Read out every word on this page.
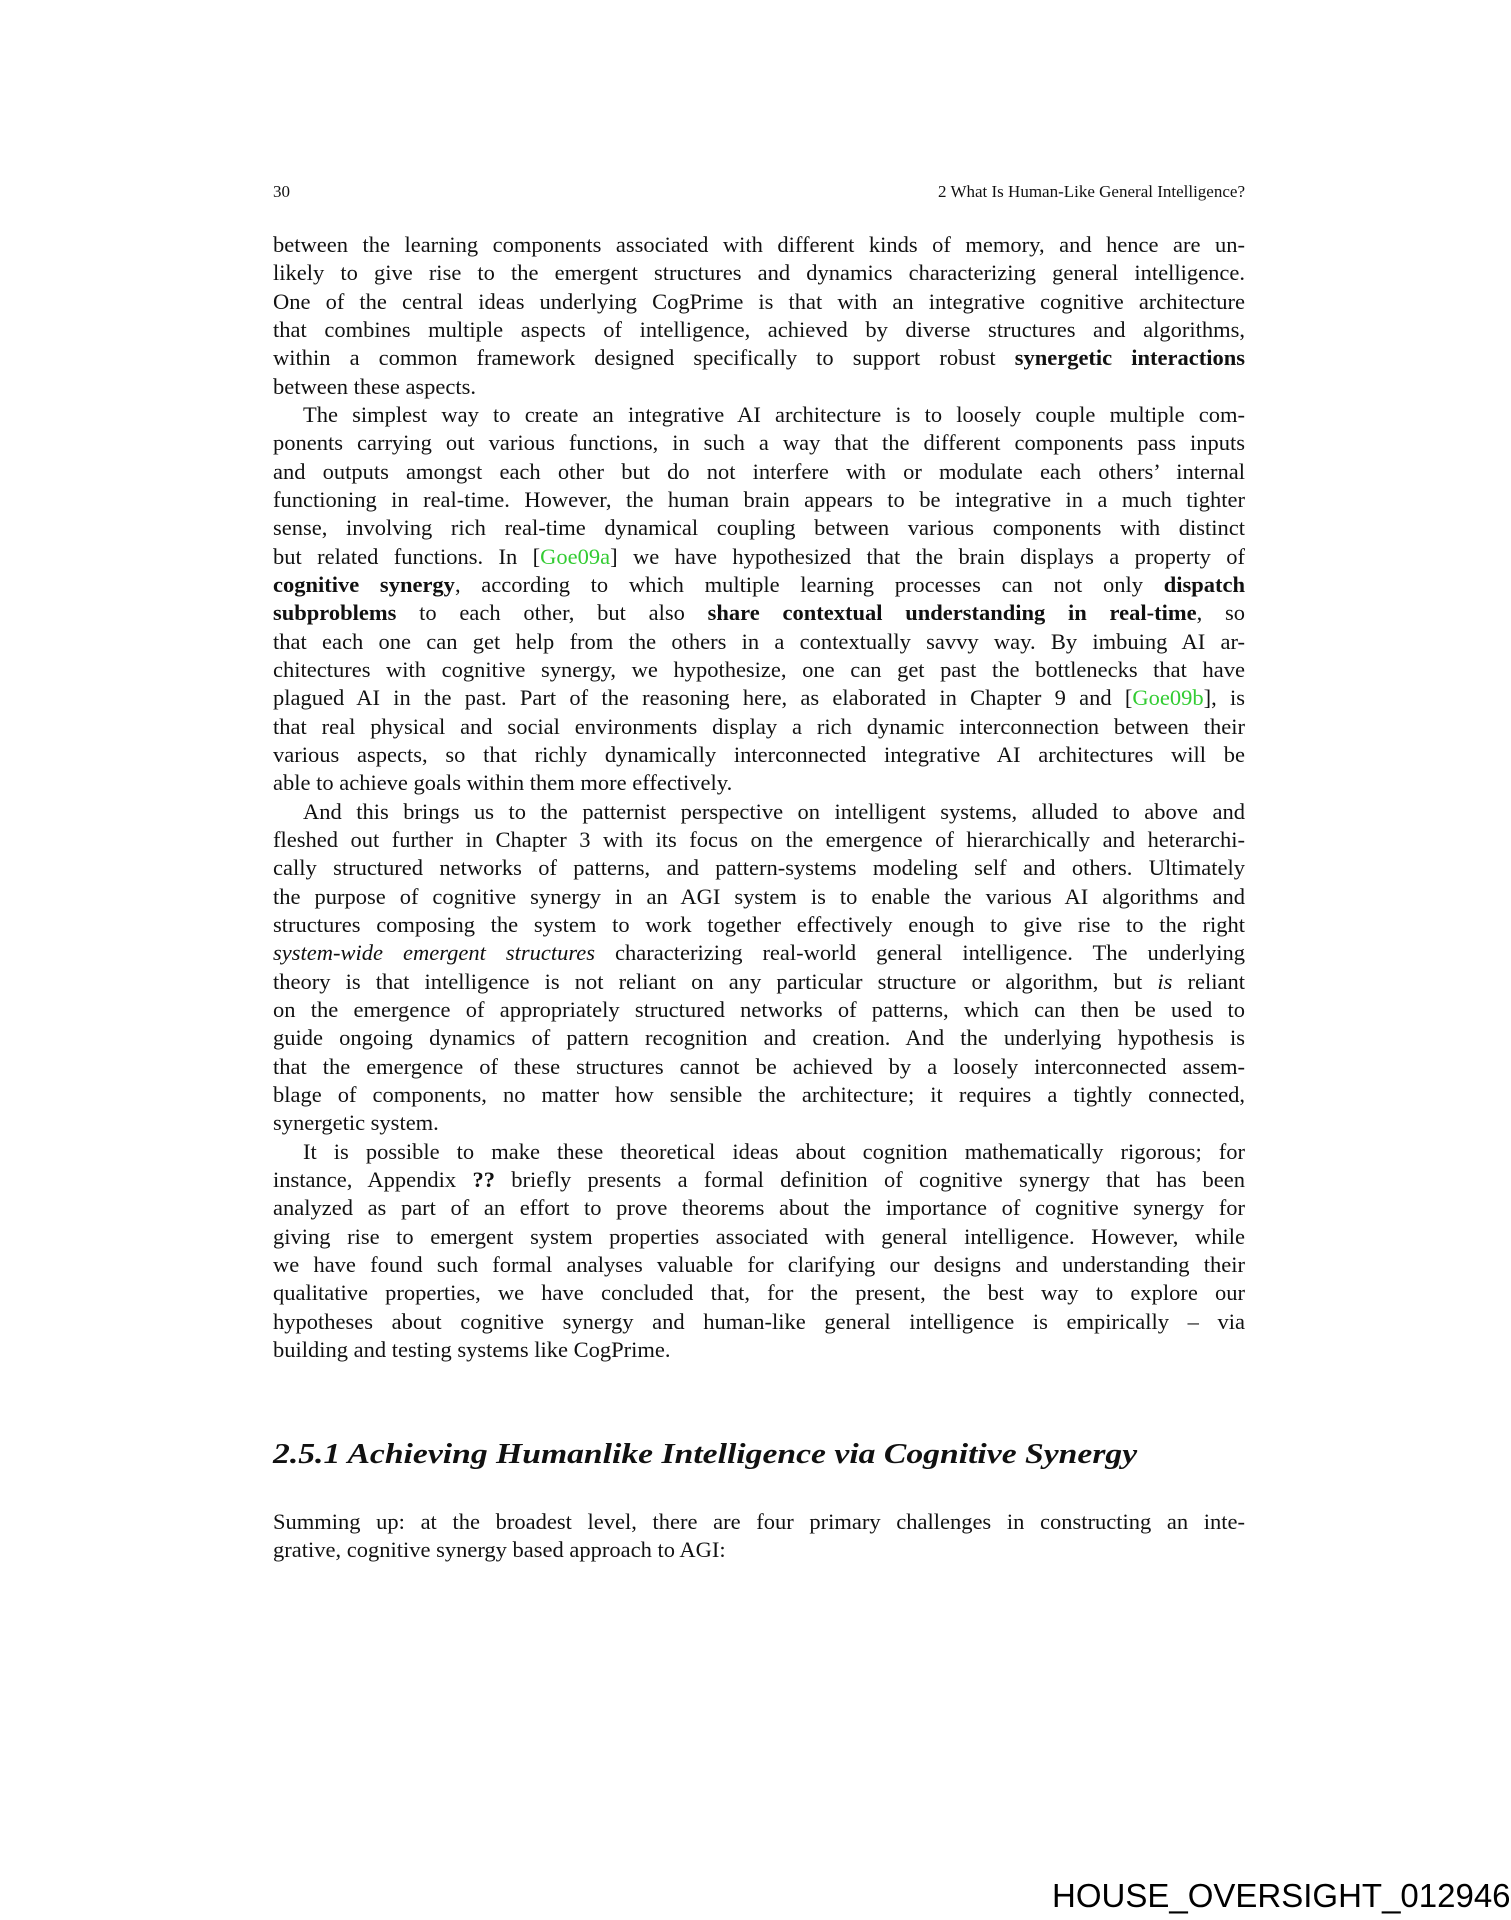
30	2 What Is Human-Like General Intelligence?
between the learning components associated with different kinds of memory, and hence are un-
likely to give rise to the emergent structures and dynamics characterizing general intelligence.
One of the central ideas underlying CogPrime is that with an integrative cognitive architecture
that combines multiple aspects of intelligence, achieved by diverse structures and algorithms,
within a common framework designed specifically to support robust synergetic interactions
between these aspects.
The simplest way to create an integrative AI architecture is to loosely couple multiple com-
ponents carrying out various functions, in such a way that the different components pass inputs
and outputs amongst each other but do not interfere with or modulate each others’ internal
functioning in real-time. However, the human brain appears to be integrative in a much tighter
sense, involving rich real-time dynamical coupling between various components with distinct
but related functions. In [Goe09a] we have hypothesized that the brain displays a property of
cognitive synergy, according to which multiple learning processes can not only dispatch
subproblems to each other, but also share contextual understanding in real-time, so
that each one can get help from the others in a contextually savvy way. By imbuing AI ar-
chitectures with cognitive synergy, we hypothesize, one can get past the bottlenecks that have
plagued AI in the past. Part of the reasoning here, as elaborated in Chapter 9 and [Goe09b], is
that real physical and social environments display a rich dynamic interconnection between their
various aspects, so that richly dynamically interconnected integrative AI architectures will be
able to achieve goals within them more effectively.
And this brings us to the patternist perspective on intelligent systems, alluded to above and
fleshed out further in Chapter 3 with its focus on the emergence of hierarchically and heterarchi-
cally structured networks of patterns, and pattern-systems modeling self and others. Ultimately
the purpose of cognitive synergy in an AGI system is to enable the various AI algorithms and
structures composing the system to work together effectively enough to give rise to the right
system-wide emergent structures characterizing real-world general intelligence. The underlying
theory is that intelligence is not reliant on any particular structure or algorithm, but is reliant
on the emergence of appropriately structured networks of patterns, which can then be used to
guide ongoing dynamics of pattern recognition and creation. And the underlying hypothesis is
that the emergence of these structures cannot be achieved by a loosely interconnected assem-
blage of components, no matter how sensible the architecture; it requires a tightly connected,
synergetic system.
It is possible to make these theoretical ideas about cognition mathematically rigorous; for
instance, Appendix ?? briefly presents a formal definition of cognitive synergy that has been
analyzed as part of an effort to prove theorems about the importance of cognitive synergy for
giving rise to emergent system properties associated with general intelligence. However, while
we have found such formal analyses valuable for clarifying our designs and understanding their
qualitative properties, we have concluded that, for the present, the best way to explore our
hypotheses about cognitive synergy and human-like general intelligence is empirically – via
building and testing systems like CogPrime.
2.5.1 Achieving Humanlike Intelligence via Cognitive Synergy
Summing up: at the broadest level, there are four primary challenges in constructing an inte-
grative, cognitive synergy based approach to AGI:
HOUSE_OVERSIGHT_012946
